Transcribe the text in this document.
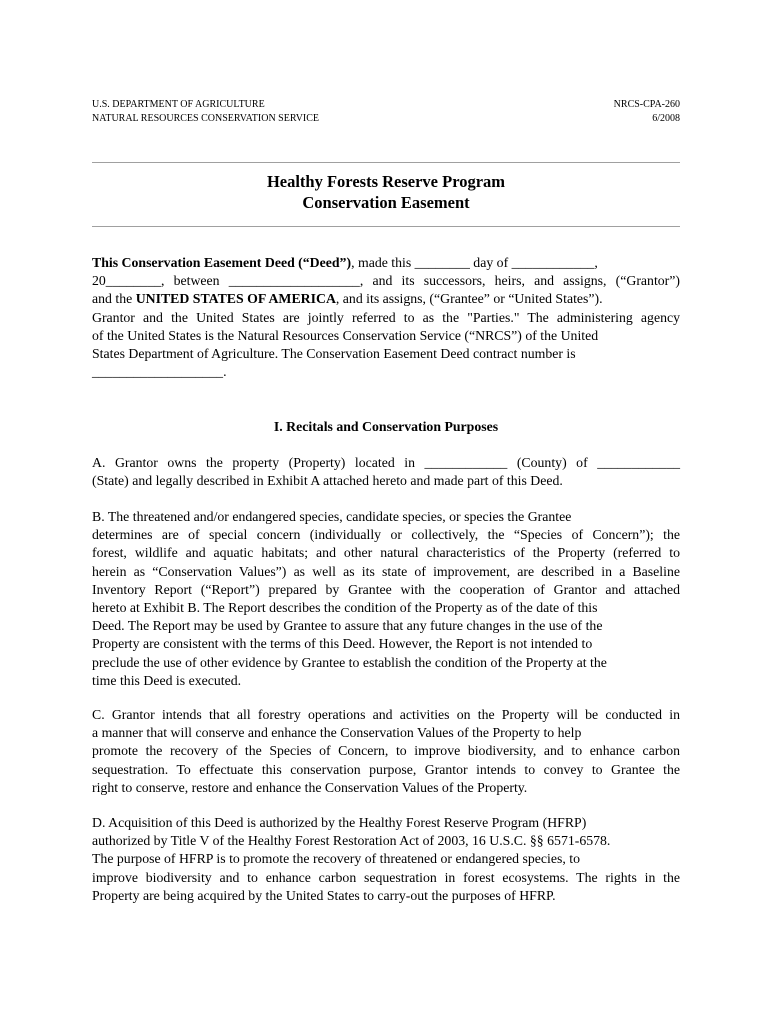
U.S. DEPARTMENT OF AGRICULTURE
NATURAL RESOURCES CONSERVATION SERVICE
NRCS-CPA-260
6/2008
Healthy Forests Reserve Program
Conservation Easement
This Conservation Easement Deed (“Deed”), made this ________ day of ____________,
20________, between ___________________, and its successors, heirs, and assigns, (“Grantor”)
and the UNITED STATES OF AMERICA, and its assigns, (“Grantee” or “United States”).
Grantor and the United States are jointly referred to as the "Parties." The administering agency
of the United States is the Natural Resources Conservation Service (“NRCS”) of the United
States Department of Agriculture. The Conservation Easement Deed contract number is
___________________.
I. Recitals and Conservation Purposes
A. Grantor owns the property (Property) located in ____________ (County) of ____________
(State) and legally described in Exhibit A attached hereto and made part of this Deed.
B. The threatened and/or endangered species, candidate species, or species the Grantee
determines are of special concern (individually or collectively, the “Species of Concern”); the
forest, wildlife and aquatic habitats; and other natural characteristics of the Property (referred to
herein as “Conservation Values”) as well as its state of improvement, are described in a Baseline
Inventory Report (“Report”) prepared by Grantee with the cooperation of Grantor and attached
hereto at Exhibit B. The Report describes the condition of the Property as of the date of this
Deed. The Report may be used by Grantee to assure that any future changes in the use of the
Property are consistent with the terms of this Deed. However, the Report is not intended to
preclude the use of other evidence by Grantee to establish the condition of the Property at the
time this Deed is executed.
C. Grantor intends that all forestry operations and activities on the Property will be conducted in
a manner that will conserve and enhance the Conservation Values of the Property to help
promote the recovery of the Species of Concern, to improve biodiversity, and to enhance carbon
sequestration. To effectuate this conservation purpose, Grantor intends to convey to Grantee the
right to conserve, restore and enhance the Conservation Values of the Property.
D. Acquisition of this Deed is authorized by the Healthy Forest Reserve Program (HFRP)
authorized by Title V of the Healthy Forest Restoration Act of 2003, 16 U.S.C. §§ 6571-6578.
The purpose of HFRP is to promote the recovery of threatened or endangered species, to
improve biodiversity and to enhance carbon sequestration in forest ecosystems. The rights in the
Property are being acquired by the United States to carry-out the purposes of HFRP.
